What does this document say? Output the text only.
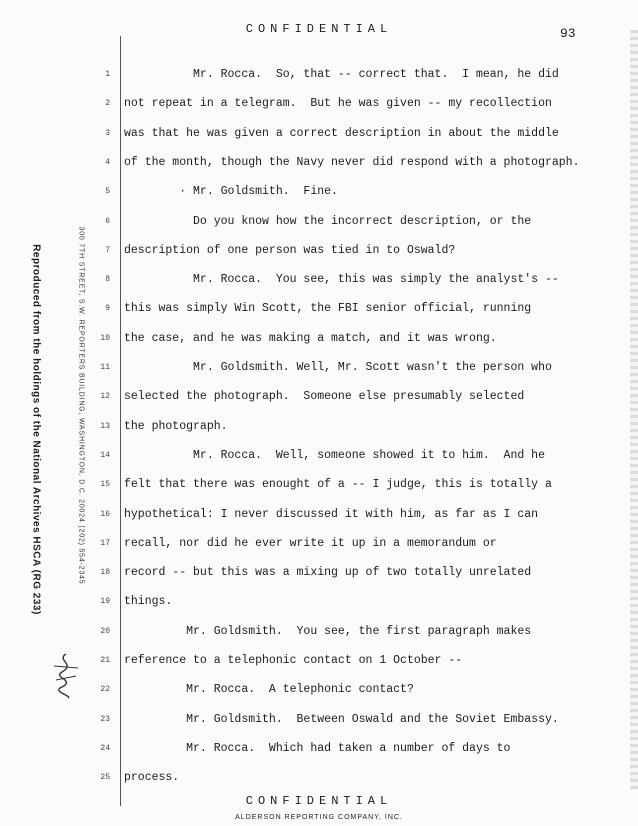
CONFIDENTIAL	93
Reproduced from the holdings of the National Archives HSCA (RG 233)	300 7TH STREET, S.W. REPORTERS BUILDING, WASHINGTON, D.C. 20024 (202) 554-2345
1 Mr. Rocca.  So, that -- correct that.  I mean, he did
2 not repeat in a telegram.  But he was given -- my recollection
3 was that he was given a correct description in about the middle
4 of the month, though the Navy never did respond with a photograph.
5 · Mr. Goldsmith.  Fine.
6 Do you know how the incorrect description, or the
7 description of one person was tied in to Oswald?
8 Mr. Rocca.  You see, this was simply the analyst's --
9 this was simply Win Scott, the FBI senior official, running
10 the case, and he was making a match, and it was wrong.
11 Mr. Goldsmith. Well, Mr. Scott wasn't the person who
12 selected the photograph.  Someone else presumably selected
13 the photograph.
14 Mr. Rocca.  Well, someone showed it to him.  And he
15 felt that there was enought of a -- I judge, this is totally a
16 hypothetical: I never discussed it with him, as far as I can
17 recall, nor did he ever write it up in a memorandum or
18 record -- but this was a mixing up of two totally unrelated
19 things.
20 Mr. Goldsmith.  You see, the first paragraph makes
21 reference to a telephonic contact on 1 October --
22 Mr. Rocca.  A telephonic contact?
23 Mr. Goldsmith.  Between Oswald and the Soviet Embassy.
24 Mr. Rocca.  Which had taken a number of days to
25 process.
CONFIDENTIAL
ALDERSON REPORTING COMPANY, INC.
